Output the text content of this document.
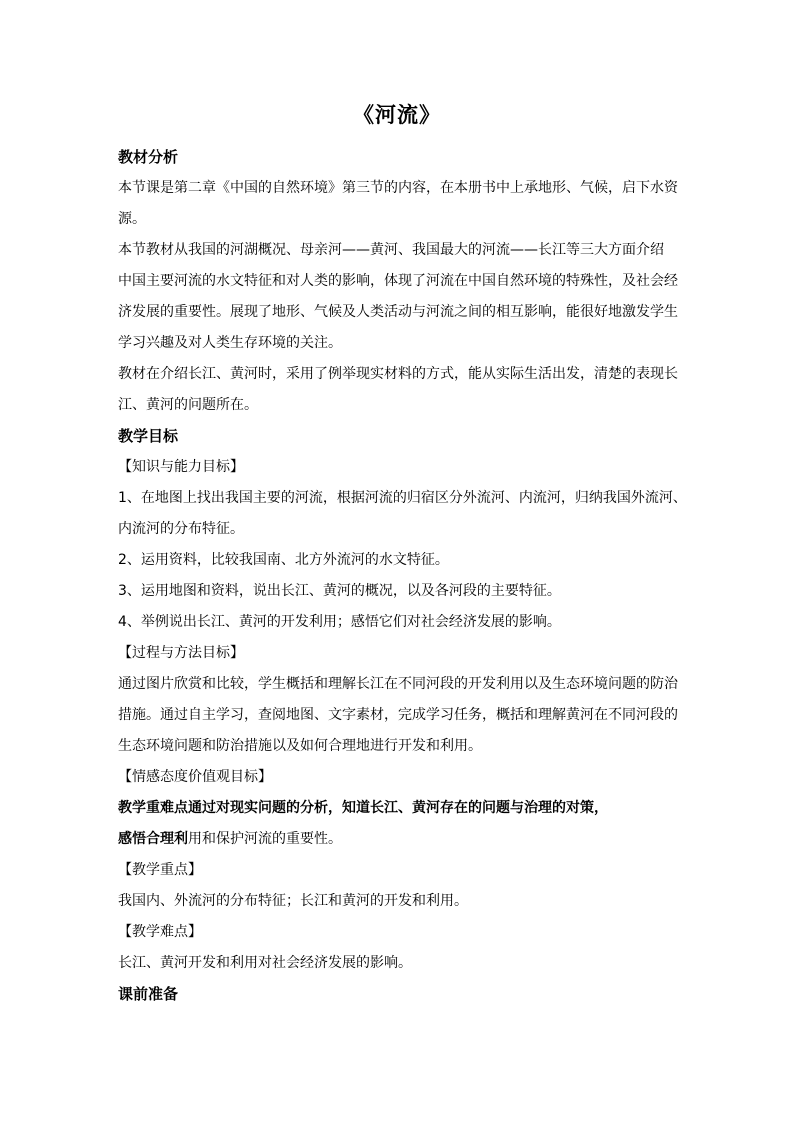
《河流》
教材分析
本节课是第二章《中国的自然环境》第三节的内容，在本册书中上承地形、气候，启下水资
源。
本节教材从我国的河湖概况、母亲河——黄河、我国最大的河流——长江等三大方面介绍
中国主要河流的水文特征和对人类的影响，体现了河流在中国自然环境的特殊性，及社会经
济发展的重要性。展现了地形、气候及人类活动与河流之间的相互影响，能很好地激发学生
学习兴趣及对人类生存环境的关注。
教材在介绍长江、黄河时，采用了例举现实材料的方式，能从实际生活出发，清楚的表现长
江、黄河的问题所在。
教学目标
【知识与能力目标】
1、在地图上找出我国主要的河流，根据河流的归宿区分外流河、内流河，归纳我国外流河、
内流河的分布特征。
2、运用资料，比较我国南、北方外流河的水文特征。
3、运用地图和资料，说出长江、黄河的概况，以及各河段的主要特征。
4、举例说出长江、黄河的开发利用；感悟它们对社会经济发展的影响。
【过程与方法目标】
通过图片欣赏和比较，学生概括和理解长江在不同河段的开发利用以及生态环境问题的防治
措施。通过自主学习，查阅地图、文字素材，完成学习任务，概括和理解黄河在不同河段的
生态环境问题和防治措施以及如何合理地进行开发和利用。
【情感态度价值观目标】
教学重难点通过对现实问题的分析，知道长江、黄河存在的问题与治理的对策，
感悟合理利用和保护河流的重要性。
【教学重点】
我国内、外流河的分布特征；长江和黄河的开发和利用。
【教学难点】
长江、黄河开发和利用对社会经济发展的影响。
课前准备
